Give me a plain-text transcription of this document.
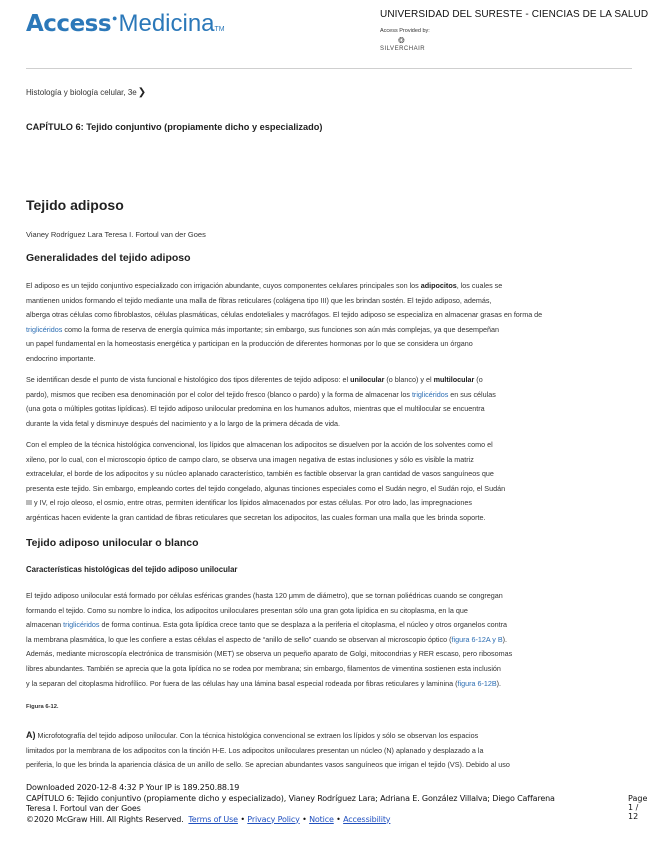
Access●MedicinaTM
UNIVERSIDAD DEL SURESTE - CIENCIAS DE LA SALUD
Access Provided by:
❂
SILVERCHAIR
Histología y biología celular, 3e❯
CAPÍTULO 6: Tejido conjuntivo (propiamente dicho y especializado)
Tejido adiposo
Vianey Rodríguez Lara Teresa I. Fortoul van der Goes
Generalidades del tejido adiposo
El adiposo es un tejido conjuntivo especializado con irrigación abundante, cuyos componentes celulares principales son los adipocitos, los cuales se
mantienen unidos formando el tejido mediante una malla de fibras reticulares (colágena tipo III) que les brindan sostén. El tejido adiposo, además,
alberga otras células como fibroblastos, células plasmáticas, células endoteliales y macrófagos. El tejido adiposo se especializa en almacenar grasas en forma de
triglicéridos como la forma de reserva de energía química más importante; sin embargo, sus funciones son aún más complejas, ya que desempeñan
un papel fundamental en la homeostasis energética y participan en la producción de diferentes hormonas por lo que se considera un órgano
endocrino importante.
Se identifican desde el punto de vista funcional e histológico dos tipos diferentes de tejido adiposo: el unilocular (o blanco) y el multilocular (o
pardo), mismos que reciben esa denominación por el color del tejido fresco (blanco o pardo) y la forma de almacenar los triglicéridos en sus células
(una gota o múltiples gotitas lipídicas). El tejido adiposo unilocular predomina en los humanos adultos, mientras que el multilocular se encuentra
durante la vida fetal y disminuye después del nacimiento y a lo largo de la primera década de vida.
Con el empleo de la técnica histológica convencional, los lípidos que almacenan los adipocitos se disuelven por la acción de los solventes como el
xileno, por lo cual, con el microscopio óptico de campo claro, se observa una imagen negativa de estas inclusiones y sólo es visible la matriz
extracelular, el borde de los adipocitos y su núcleo aplanado característico, también es factible observar la gran cantidad de vasos sanguíneos que
presenta este tejido. Sin embargo, empleando cortes del tejido congelado, algunas tinciones especiales como el Sudán negro, el Sudán rojo, el Sudán
III y IV, el rojo oleoso, el osmio, entre otras, permiten identificar los lípidos almacenados por estas células. Por otro lado, las impregnaciones
argénticas hacen evidente la gran cantidad de fibras reticulares que secretan los adipocitos, las cuales forman una malla que les brinda soporte.
Tejido adiposo unilocular o blanco
Características histológicas del tejido adiposo unilocular
El tejido adiposo unilocular está formado por células esféricas grandes (hasta 120 μmm de diámetro), que se tornan poliédricas cuando se congregan
formando el tejido. Como su nombre lo indica, los adipocitos uniloculares presentan sólo una gran gota lipídica en su citoplasma, en la que
almacenan triglicéridos de forma continua. Esta gota lipídica crece tanto que se desplaza a la periferia el citoplasma, el núcleo y otros organelos contra
la membrana plasmática, lo que les confiere a estas células el aspecto de “anillo de sello” cuando se observan al microscopio óptico (figura 6-12A y B).
Además, mediante microscopía electrónica de transmisión (MET) se observa un pequeño aparato de Golgi, mitocondrias y RER escaso, pero ribosomas
libres abundantes. También se aprecia que la gota lipídica no se rodea por membrana; sin embargo, filamentos de vimentina sostienen esta inclusión
y la separan del citoplasma hidrofílico. Por fuera de las células hay una lámina basal especial rodeada por fibras reticulares y laminina (figura 6-12B).
Figura 6-12.
A) Microfotografía del tejido adiposo unilocular. Con la técnica histológica convencional se extraen los lípidos y sólo se observan los espacios
limitados por la membrana de los adipocitos con la tinción H-E. Los adipocitos uniloculares presentan un núcleo (N) aplanado y desplazado a la
periferia, lo que les brinda la apariencia clásica de un anillo de sello. Se aprecian abundantes vasos sanguíneos que irrigan el tejido (VS). Debido al uso
Downloaded 2020-12-8 4:32 P Your IP is 189.250.88.19
CAPÍTULO 6: Tejido conjuntivo (propiamente dicho y especializado), Vianey Rodríguez Lara; Adriana E. González Villalva; Diego Caffarena	Page 1 / 12
Teresa I. Fortoul van der Goes
©2020 McGraw Hill. All Rights Reserved. Terms of Use • Privacy Policy • Notice • Accessibility
